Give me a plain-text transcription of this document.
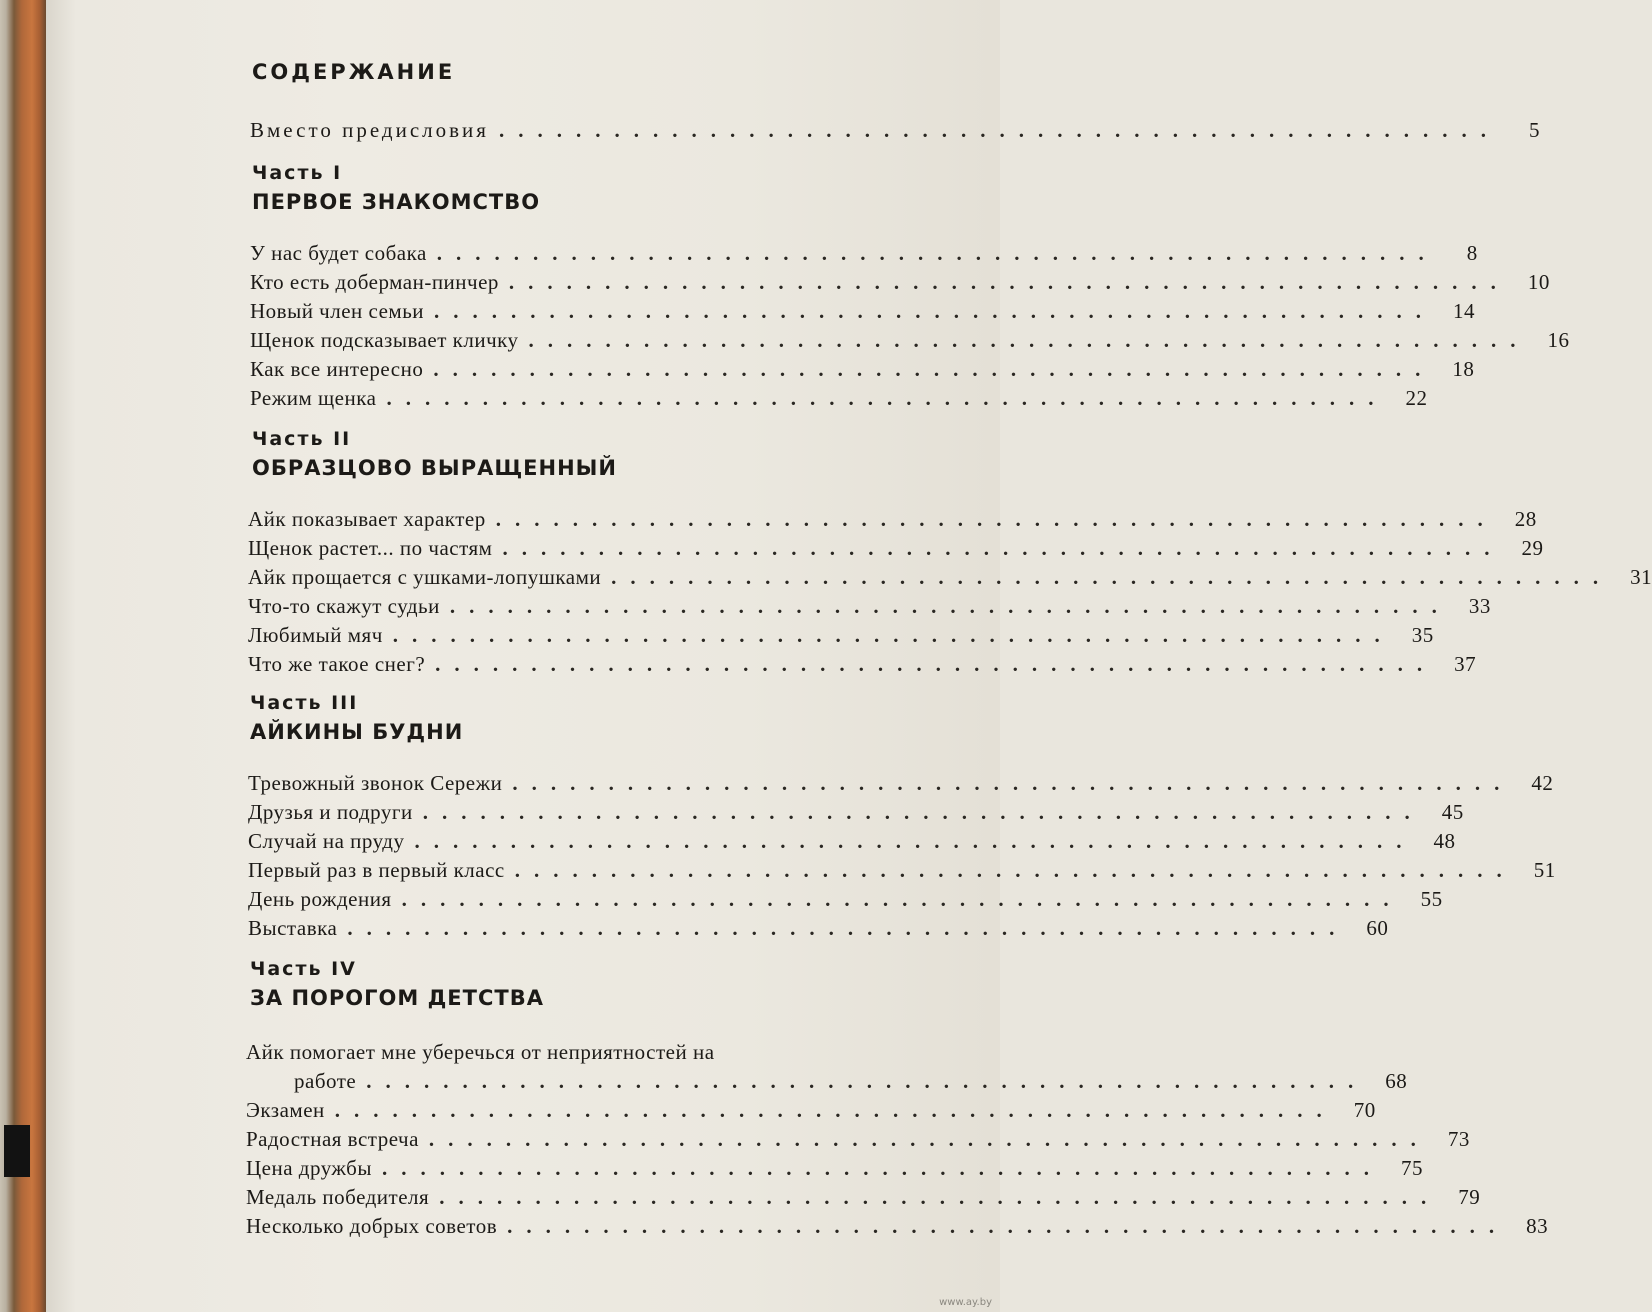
СОДЕРЖАНИЕ
Вместо предисловия ....................................................	5
Часть I
ПЕРВОЕ ЗНАКОМСТВО
У нас будет собака ....................................................	8
Кто есть доберман-пинчер .................................................... 10
Новый член семьи .................................................... 14
Щенок подсказывает кличку .................................................... 16
Как все интересно .................................................... 18
Режим щенка .................................................... 22
Часть II
ОБРАЗЦОВО ВЫРАЩЕННЫЙ
Айк показывает характер .................................................... 28
Щенок растет... по частям .................................................... 29
Айк прощается с ушками-лопушками .................................................... 31
Что-то скажут судьи .................................................... 33
Любимый мяч .................................................... 35
Что же такое снег? .................................................... 37
Часть III
АЙКИНЫ БУДНИ
Тревожный звонок Сережи .................................................... 42
Друзья и подруги .................................................... 45
Случай на пруду .................................................... 48
Первый раз в первый класс .................................................... 51
День рождения .................................................... 55
Выставка .................................................... 60
Часть IV
ЗА ПОРОГОМ ДЕТСТВА
Айк помогает мне уберечься от неприятностей на
работе .................................................... 68
Экзамен .................................................... 70
Радостная встреча .................................................... 73
Цена дружбы .................................................... 75
Медаль победителя .................................................... 79
Несколько добрых советов .................................................... 83
www.ay.by
